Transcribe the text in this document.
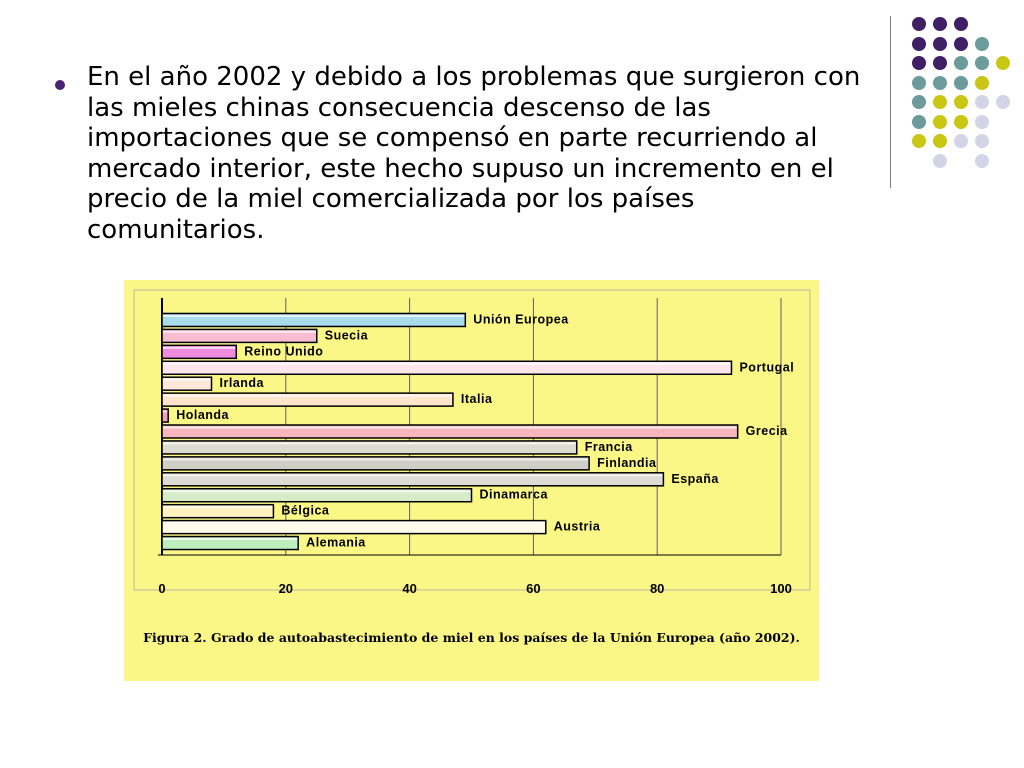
En el año 2002 y debido a los problemas que surgieron con las mieles chinas consecuencia descenso de las importaciones que se compensó en parte recurriendo al mercado interior, este hecho supuso un incremento en el precio de la miel comercializada por los países comunitarios.
0	20	40	60	80	100
Unión Europea
Suecia
Reino Unido
Portugal
Irlanda
Italia
Holanda
Grecia
Francia
Finlandia
España
Dinamarca
Bélgica
Austria
Alemania
Figura 2. Grado de autoabastecimiento de miel en los países de la Unión Europea (año 2002).
